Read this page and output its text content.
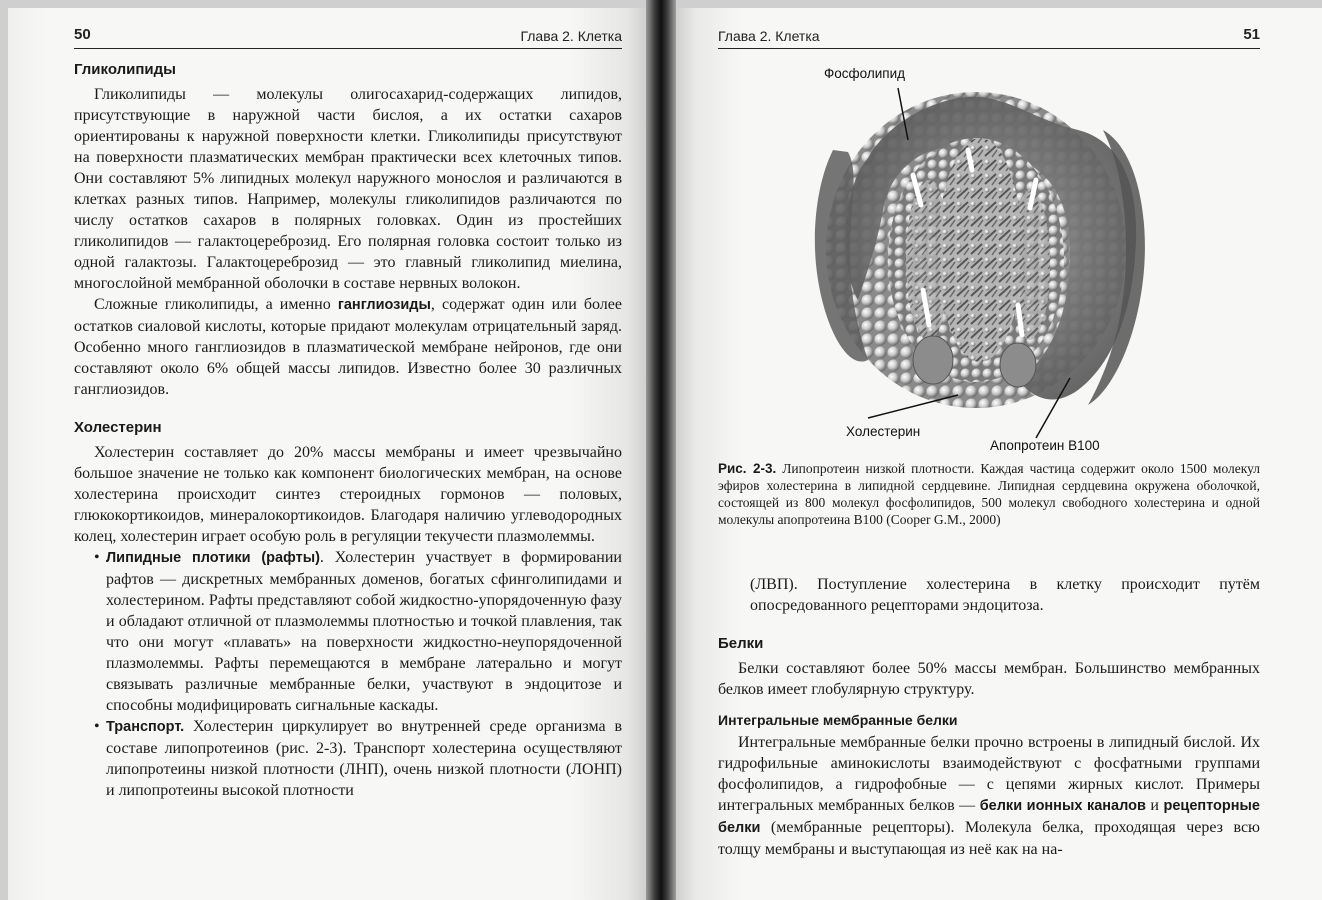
50	Глава 2. Клетка
Гликолипиды

Гликолипиды — молекулы олигосахарид-содержащих липидов, присутствующие в наружной части бислоя, а их остатки сахаров ориентированы к наружной поверхности клетки. Гликолипиды присутствуют на поверхности плазматических мембран практически всех клеточных типов. Они составляют 5% липидных молекул наружного монослоя и различаются в клетках разных типов. Например, молекулы гликолипидов различаются по числу остатков сахаров в полярных головках. Один из простейших гликолипидов — галактоцереброзид. Его полярная головка состоит только из одной галактозы. Галактоцереброзид — это главный гликолипид миелина, многослойной мембранной оболочки в составе нервных волокон.

Сложные гликолипиды, а именно ганглиозиды, содержат один или более остатков сиаловой кислоты, которые придают молекулам отрицательный заряд. Особенно много ганглиозидов в плазматической мембране нейронов, где они составляют около 6% общей массы липидов. Известно более 30 различных ганглиозидов.

Холестерин

Холестерин составляет до 20% массы мембраны и имеет чрезвычайно большое значение не только как компонент биологических мембран, на основе холестерина происходит синтез стероидных гормонов — половых, глюкокортикоидов, минералокортикоидов. Благодаря наличию углеводородных колец, холестерин играет особую роль в регуляции текучести плазмолеммы.

• Липидные плотики (рафты). Холестерин участвует в формировании рафтов — дискретных мембранных доменов, богатых сфинголипидами и холестерином. Рафты представляют собой жидкостно-упорядоченную фазу и обладают отличной от плазмолеммы плотностью и точкой плавления, так что они могут «плавать» на поверхности жидкостно-неупорядоченной плазмолеммы. Рафты перемещаются в мембране латерально и могут связывать различные мембранные белки, участвуют в эндоцитозе и способны модифицировать сигнальные каскады.
• Транспорт. Холестерин циркулирует во внутренней среде организма в составе липопротеинов (рис. 2-3). Транспорт холестерина осуществляют липопротеины низкой плотности (ЛНП), очень низкой плотности (ЛОНП) и липопротеины высокой плотности
Глава 2. Клетка	51
Фосфолипид
Холестерин
Апопротеин B100
Рис. 2-3. Липопротеин низкой плотности. Каждая частица содержит около 1500 молекул эфиров холестерина в липидной сердцевине. Липидная сердцевина окружена оболочкой, состоящей из 800 молекул фосфолипидов, 500 молекул свободного холестерина и одной молекулы апопротеина B100 (Cooper G.M., 2000)

(ЛВП). Поступление холестерина в клетку происходит путём опосредованного рецепторами эндоцитоза.

Белки

Белки составляют более 50% массы мембран. Большинство мембранных белков имеет глобулярную структуру.

Интегральные мембранные белки

Интегральные мембранные белки прочно встроены в липидный бислой. Их гидрофильные аминокислоты взаимодействуют с фосфатными группами фосфолипидов, а гидрофобные — с цепями жирных кислот. Примеры интегральных мембранных белков — белки ионных каналов и рецепторные белки (мембранные рецепторы). Молекула белка, проходящая через всю толщу мембраны и выступающая из неё как на на-
